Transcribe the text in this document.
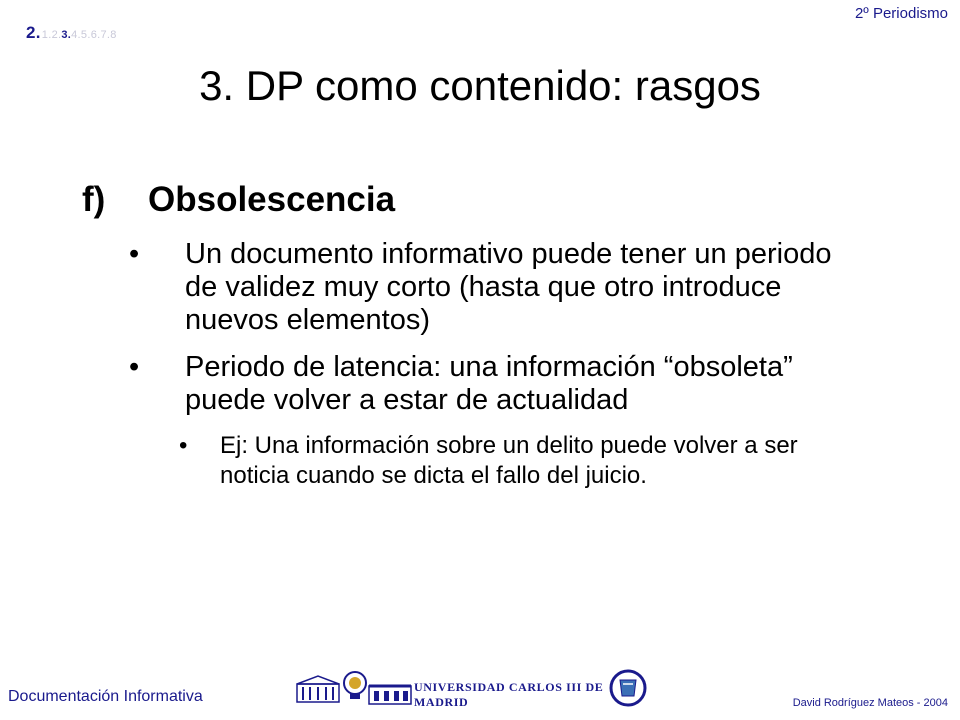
2. 1 . 2 . 3 . 4 . 5 . 6 . 7 . 8
2º Periodismo
3. DP como contenido: rasgos
f)	Obsolescencia
• Un documento informativo puede tener un periodo de validez muy corto (hasta que otro introduce nuevos elementos)
• Periodo de latencia: una información “obsoleta” puede volver a estar de actualidad
• Ej: Una información sobre un delito puede volver a ser noticia cuando se dicta el fallo del juicio.
Documentación Informativa
UNIVERSIDAD CARLOS III DE MADRID	David Rodríguez Mateos - 2004
